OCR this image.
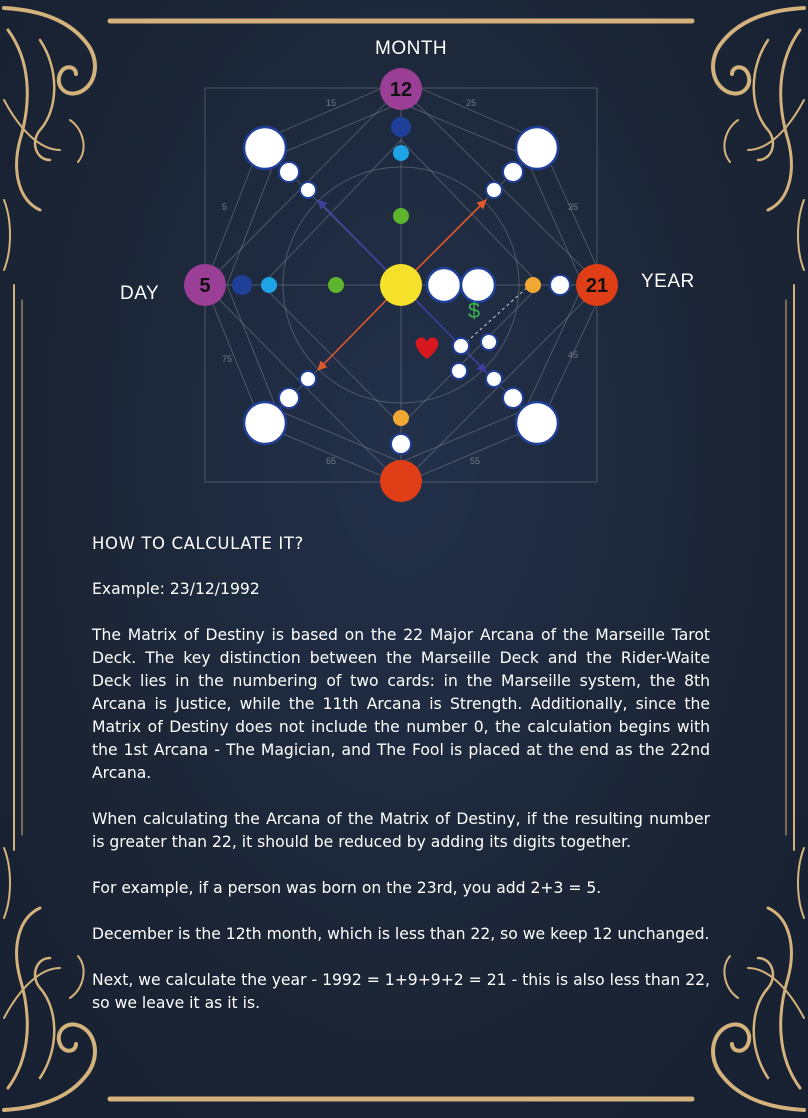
15	25
35
45
55
65
75
5
12
5	21
$
MONTH
DAY
YEAR
HOW TO CALCULATE IT?

Example: 23/12/1992

The Matrix of Destiny is based on the 22 Major Arcana of the Marseille Tarot Deck. The key distinction between the Marseille Deck and the Rider-Waite Deck lies in the numbering of two cards: in the Marseille system, the 8th Arcana is Justice, while the 11th Arcana is Strength. Additionally, since the Matrix of Destiny does not include the number 0, the calculation begins with the 1st Arcana - The Magician, and The Fool is placed at the end as the 22nd Arcana.

When calculating the Arcana of the Matrix of Destiny, if the resulting number is greater than 22, it should be reduced by adding its digits together.

For example, if a person was born on the 23rd, you add 2+3 = 5.

December is the 12th month, which is less than 22, so we keep 12 unchanged.

Next, we calculate the year - 1992 = 1+9+9+2 = 21 - this is also less than 22, so we leave it as it is.
